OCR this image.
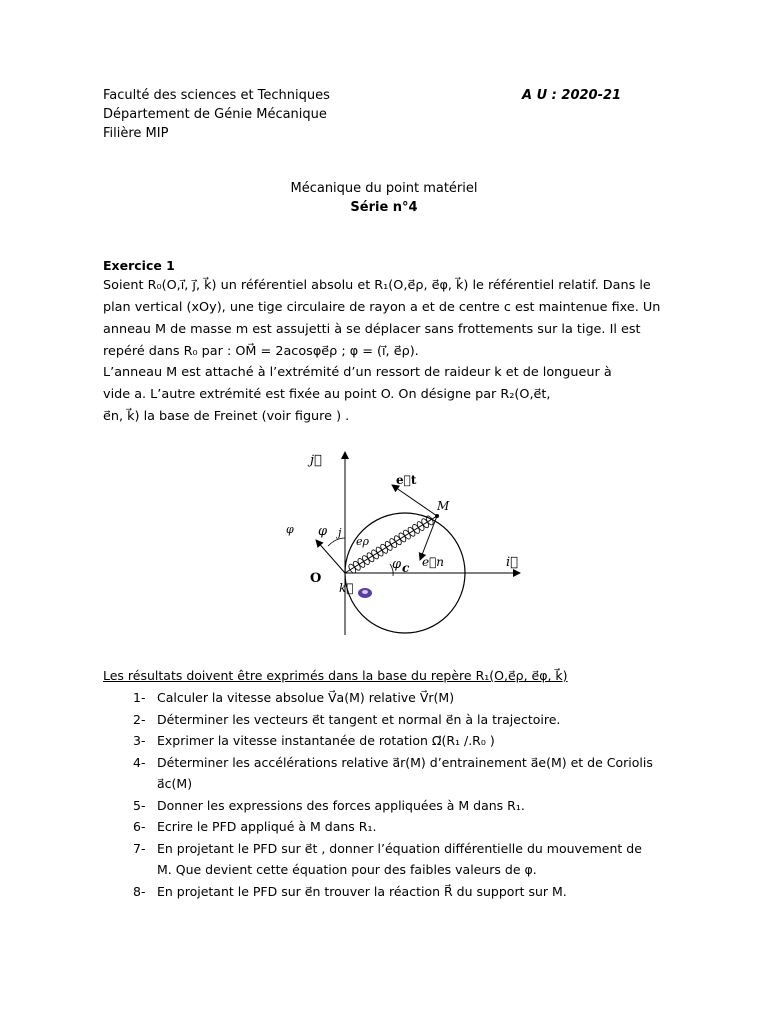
Faculté des sciences et Techniques
Département de Génie Mécanique
Filière MIP
A U : 2020-21
Mécanique du point matériel
Série n°4
Exercice 1
Soient R₀(O,i⃗, j⃗, k⃗) un référentiel absolu et R₁(O,e⃗ρ, e⃗φ, k⃗) le référentiel relatif. Dans le
plan vertical (xOy), une tige circulaire de rayon a et de centre c est maintenue fixe. Un
anneau M de masse m est assujetti à se déplacer sans frottements sur la tige. Il est
repéré dans R₀ par : OM⃗ = 2acosφe⃗ρ ; φ = (i⃗, e⃗ρ).
L’anneau M est attaché à l’extrémité d’un ressort de raideur k et de longueur à
vide a. L’autre extrémité est fixée au point O. On désigne par R₂(O,e⃗t,
e⃗n, k⃗) la base de Freinet (voir figure ) .
j⃗
i⃗
e⃗t
M
e⃗n
O
k⃗
φ φ j
eρ
φ c
Les résultats doivent être exprimés dans la base du repère R₁(O,e⃗ρ, e⃗φ, k⃗)
1- Calculer la vitesse absolue V⃗a(M) relative V⃗r(M)
2- Déterminer les vecteurs e⃗t tangent et normal e⃗n à la trajectoire.
3- Exprimer la vitesse instantanée de rotation Ω⃗(R₁ /.R₀ )
4- Déterminer les accélérations relative a⃗r(M) d’entrainement a⃗e(M) et de Coriolis
a⃗c(M)
5- Donner les expressions des forces appliquées à M dans R₁.
6- Ecrire le PFD appliqué à M dans R₁.
7- En projetant le PFD sur e⃗t , donner l’équation différentielle du mouvement de
M. Que devient cette équation pour des faibles valeurs de φ.
8- En projetant le PFD sur e⃗n trouver la réaction R⃗ du support sur M.
